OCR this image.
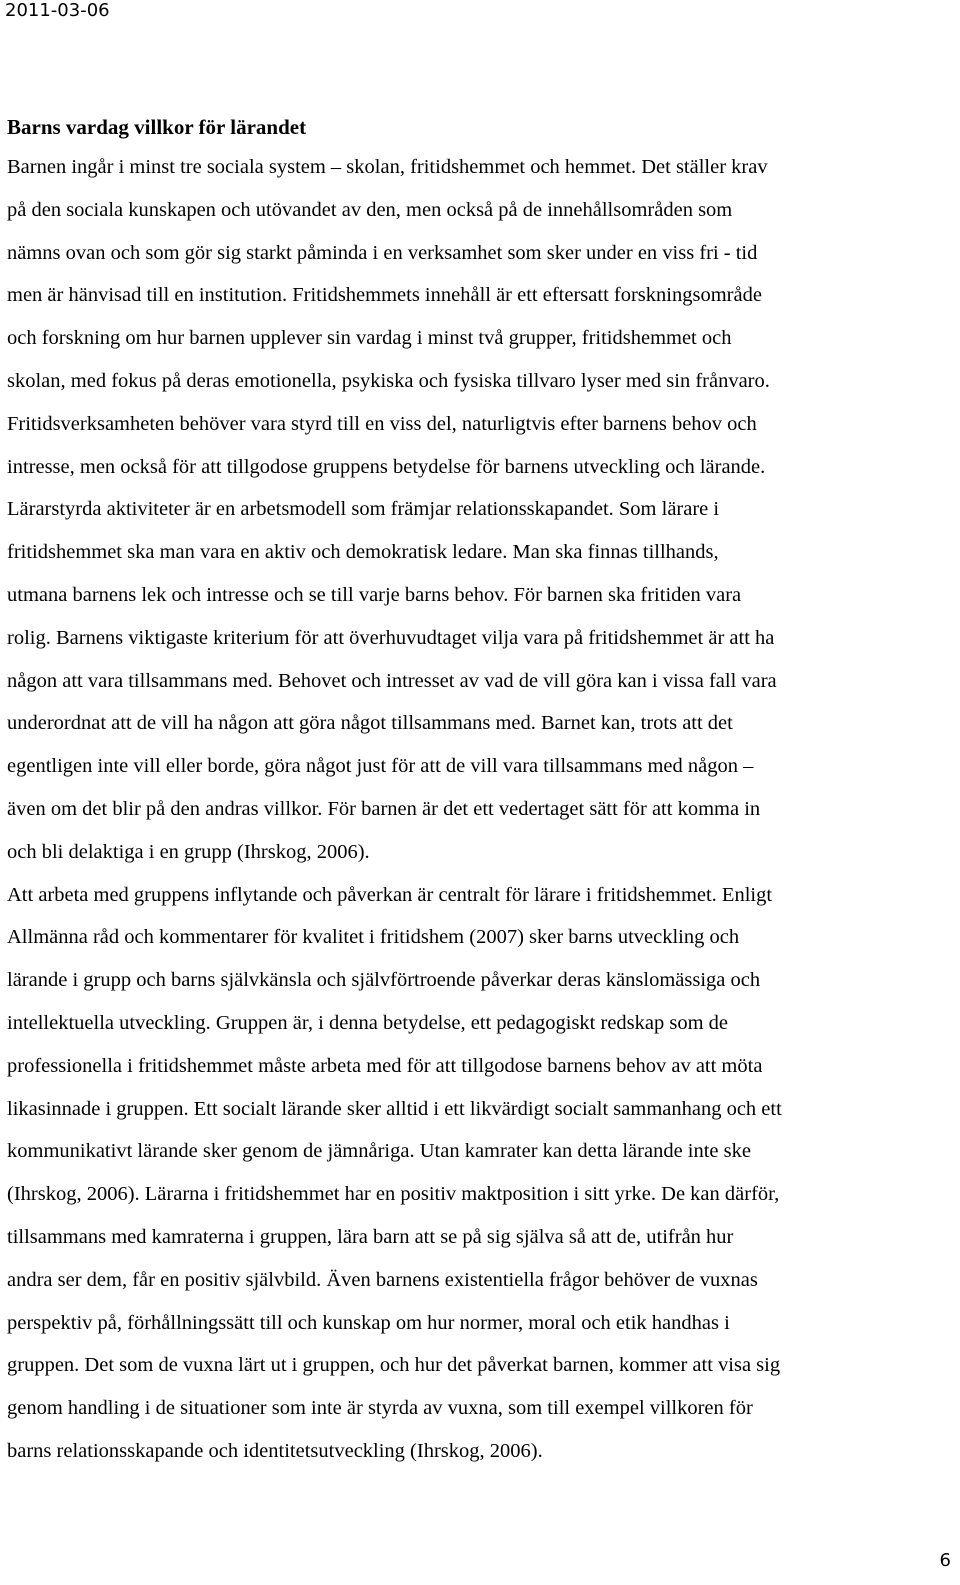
2011-03-06
Barns vardag villkor för lärandet
Barnen ingår i minst tre sociala system – skolan, fritidshemmet och hemmet. Det ställer krav
på den sociala kunskapen och utövandet av den, men också på de innehållsområden som
nämns ovan och som gör sig starkt påminda i en verksamhet som sker under en viss fri - tid
men är hänvisad till en institution. Fritidshemmets innehåll är ett eftersatt forskningsområde
och forskning om hur barnen upplever sin vardag i minst två grupper, fritidshemmet och
skolan, med fokus på deras emotionella, psykiska och fysiska tillvaro lyser med sin frånvaro.
Fritidsverksamheten behöver vara styrd till en viss del, naturligtvis efter barnens behov och
intresse, men också för att tillgodose gruppens betydelse för barnens utveckling och lärande.
Lärarstyrda aktiviteter är en arbetsmodell som främjar relationsskapandet. Som lärare i
fritidshemmet ska man vara en aktiv och demokratisk ledare. Man ska finnas tillhands,
utmana barnens lek och intresse och se till varje barns behov. För barnen ska fritiden vara
rolig. Barnens viktigaste kriterium för att överhuvudtaget vilja vara på fritidshemmet är att ha
någon att vara tillsammans med. Behovet och intresset av vad de vill göra kan i vissa fall vara
underordnat att de vill ha någon att göra något tillsammans med. Barnet kan, trots att det
egentligen inte vill eller borde, göra något just för att de vill vara tillsammans med någon –
även om det blir på den andras villkor. För barnen är det ett vedertaget sätt för att komma in
och bli delaktiga i en grupp (Ihrskog, 2006).
Att arbeta med gruppens inflytande och påverkan är centralt för lärare i fritidshemmet. Enligt
Allmänna råd och kommentarer för kvalitet i fritidshem (2007) sker barns utveckling och
lärande i grupp och barns självkänsla och självförtroende påverkar deras känslomässiga och
intellektuella utveckling. Gruppen är, i denna betydelse, ett pedagogiskt redskap som de
professionella i fritidshemmet måste arbeta med för att tillgodose barnens behov av att möta
likasinnade i gruppen. Ett socialt lärande sker alltid i ett likvärdigt socialt sammanhang och ett
kommunikativt lärande sker genom de jämnåriga. Utan kamrater kan detta lärande inte ske
(Ihrskog, 2006). Lärarna i fritidshemmet har en positiv maktposition i sitt yrke. De kan därför,
tillsammans med kamraterna i gruppen, lära barn att se på sig själva så att de, utifrån hur
andra ser dem, får en positiv självbild. Även barnens existentiella frågor behöver de vuxnas
perspektiv på, förhållningssätt till och kunskap om hur normer, moral och etik handhas i
gruppen. Det som de vuxna lärt ut i gruppen, och hur det påverkat barnen, kommer att visa sig
genom handling i de situationer som inte är styrda av vuxna, som till exempel villkoren för
barns relationsskapande och identitetsutveckling (Ihrskog, 2006).
6
